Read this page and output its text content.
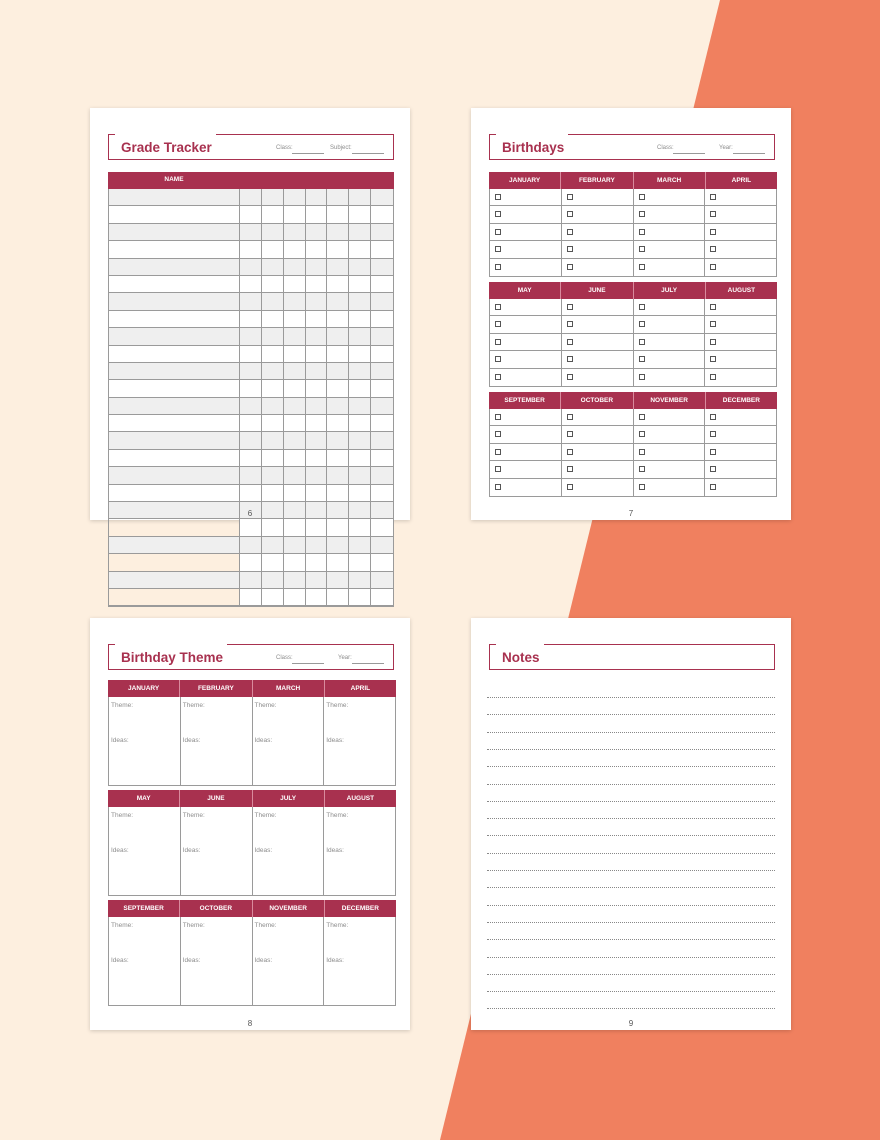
Grade Tracker	Class:	Subject:
NAME
6
Birthdays	Class:	Year:
JANUARY	FEBRUARY	MARCH	APRIL
MAY	JUNE	JULY	AUGUST
SEPTEMBER	OCTOBER	NOVEMBER	DECEMBER
7
Birthday Theme	Class:	Year:
JANUARY	FEBRUARY	MARCH	APRIL
Theme:
Ideas:
Theme:
Ideas:
Theme:
Ideas:
Theme:
Ideas:
MAY	JUNE	JULY	AUGUST
Theme:
Ideas:
Theme:
Ideas:
Theme:
Ideas:
Theme:
Ideas:
SEPTEMBER	OCTOBER	NOVEMBER	DECEMBER
Theme:
Ideas:
Theme:
Ideas:
Theme:
Ideas:
Theme:
Ideas:
8
Notes
9
